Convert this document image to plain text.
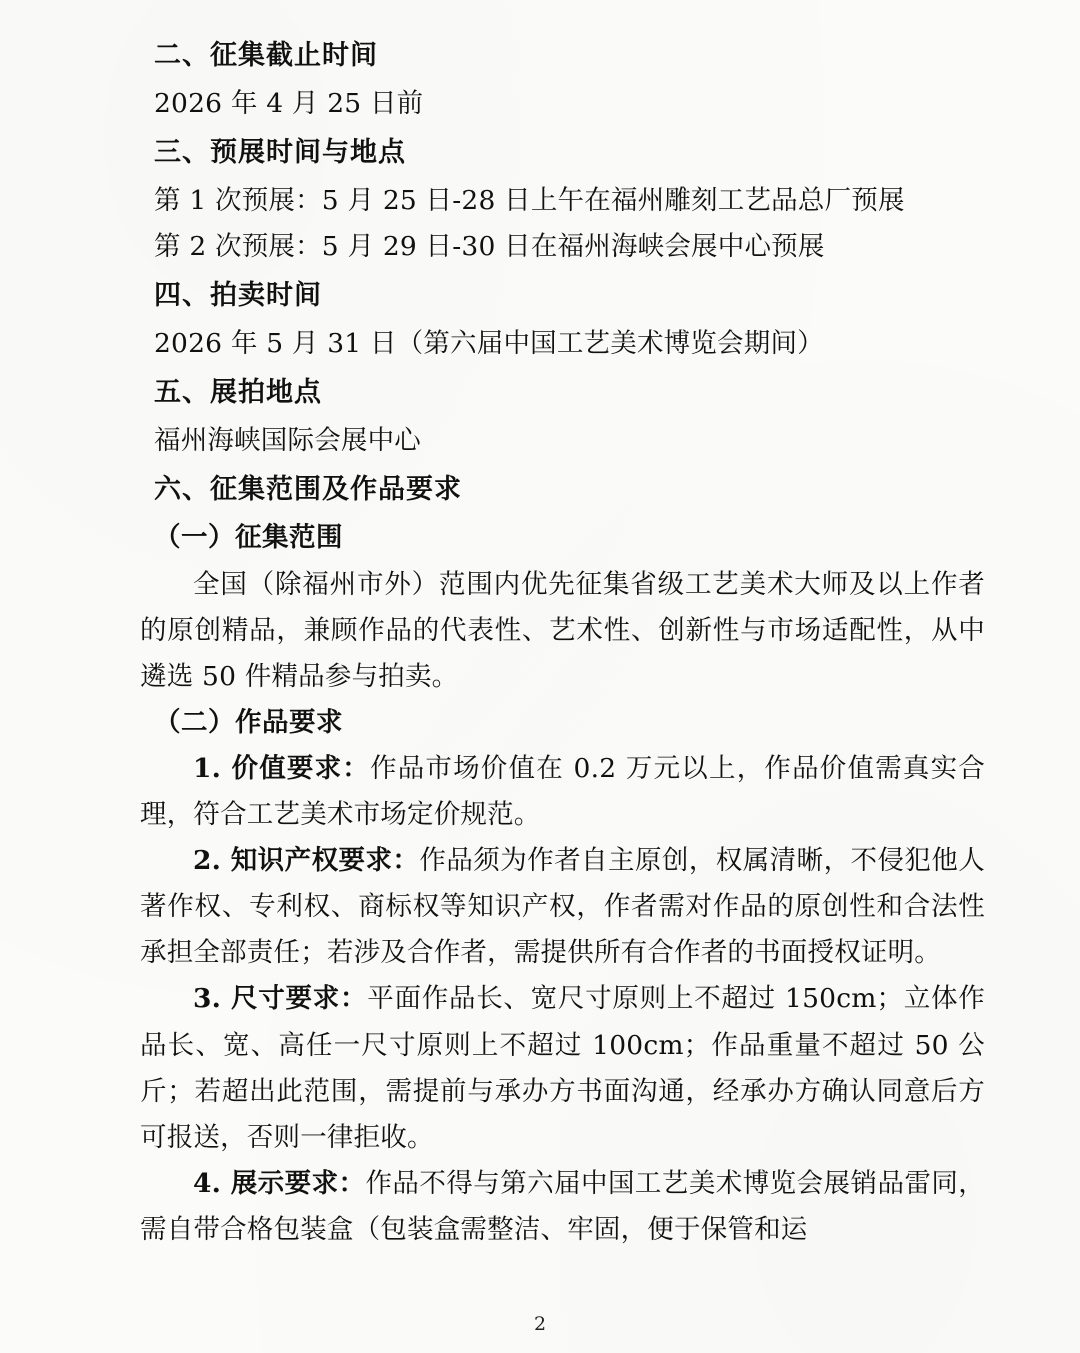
二、征集截止时间
2026 年 4 月 25 日前
三、预展时间与地点
第 1 次预展：5 月 25 日-28 日上午在福州雕刻工艺品总厂预展
第 2 次预展：5 月 29 日-30 日在福州海峡会展中心预展
四、拍卖时间
2026 年 5 月 31 日（第六届中国工艺美术博览会期间）
五、展拍地点
福州海峡国际会展中心
六、征集范围及作品要求
（一）征集范围
全国（除福州市外）范围内优先征集省级工艺美术大师及以上作者的原创精品，兼顾作品的代表性、艺术性、创新性与市场适配性，从中遴选 50 件精品参与拍卖。
（二）作品要求
1. 价值要求：作品市场价值在 0.2 万元以上，作品价值需真实合理，符合工艺美术市场定价规范。
2. 知识产权要求：作品须为作者自主原创，权属清晰，不侵犯他人著作权、专利权、商标权等知识产权，作者需对作品的原创性和合法性承担全部责任；若涉及合作者，需提供所有合作者的书面授权证明。
3. 尺寸要求：平面作品长、宽尺寸原则上不超过 150cm；立体作品长、宽、高任一尺寸原则上不超过 100cm；作品重量不超过 50 公斤；若超出此范围，需提前与承办方书面沟通，经承办方确认同意后方可报送，否则一律拒收。
4. 展示要求：作品不得与第六届中国工艺美术博览会展销品雷同，需自带合格包装盒（包装盒需整洁、牢固，便于保管和运
2
